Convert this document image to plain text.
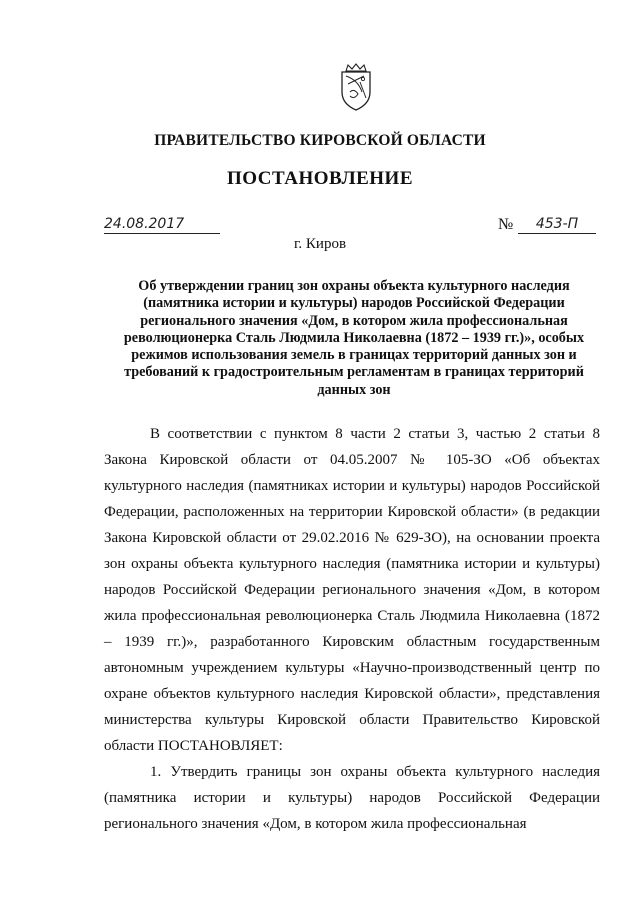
ПРАВИТЕЛЬСТВО КИРОВСКОЙ ОБЛАСТИ
ПОСТАНОВЛЕНИЕ
24.08.2017	№	453-П
г. Киров
Об утверждении границ зон охраны объекта культурного наследия (памятника истории и культуры) народов Российской Федерации регионального значения «Дом, в котором жила профессиональная революционерка Сталь Людмила Николаевна (1872 – 1939 гг.)», особых режимов использования земель в границах территорий данных зон и требований к градостроительным регламентам в границах территорий данных зон

В соответствии с пунктом 8 части 2 статьи 3, частью 2 статьи 8 Закона Кировской области от 04.05.2007 № 105-ЗО «Об объектах культурного наследия (памятниках истории и культуры) народов Российской Федерации, расположенных на территории Кировской области» (в редакции Закона Кировской области от 29.02.2016 № 629-ЗО), на основании проекта зон охраны объекта культурного наследия (памятника истории и культуры) народов Российской Федерации регионального значения «Дом, в котором жила профессиональная революционерка Сталь Людмила Николаевна (1872 – 1939 гг.)», разработанного Кировским областным государственным автономным учреждением культуры «Научно-производственный центр по охране объектов культурного наследия Кировской области», представления министерства культуры Кировской области Правительство Кировской области ПОСТАНОВЛЯЕТ:

1. Утвердить границы зон охраны объекта культурного наследия (памятника истории и культуры) народов Российской Федерации регионального значения «Дом, в котором жила профессиональная
